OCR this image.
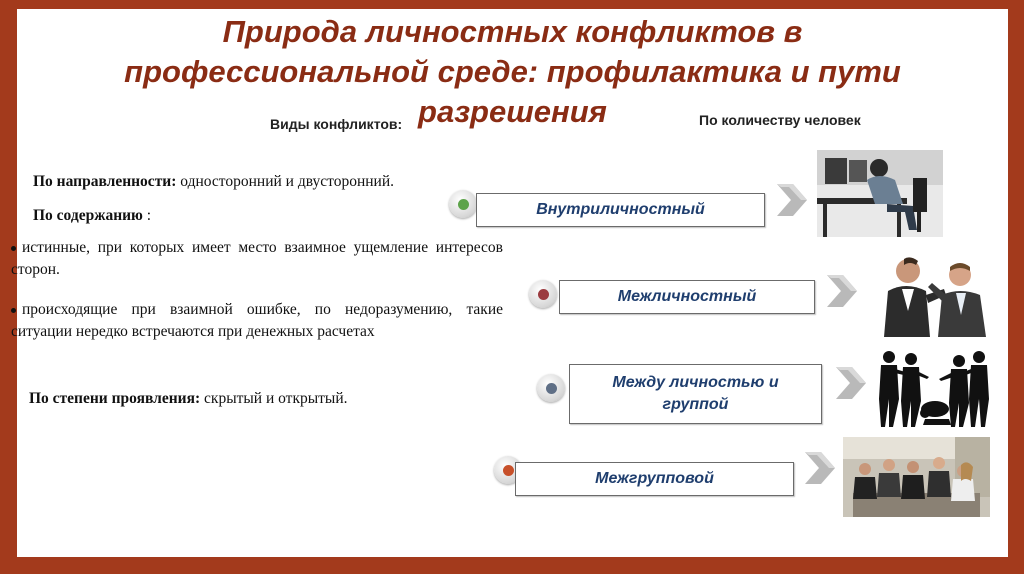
Природа личностных конфликтов в
профессиональной среде: профилактика и пути
разрешения
Виды конфликтов:	По количеству человек
По направленности: односторонний и двусторонний.
По содержанию :
истинные, при которых имеет место взаимное ущемление интересов сторон.
происходящие при взаимной ошибке, по недоразумению, такие ситуации нередко встречаются при денежных расчетах
По степени проявления: скрытый и открытый.
Внутриличностный
Межличностный
Между личностью и группой
Межгрупповой
